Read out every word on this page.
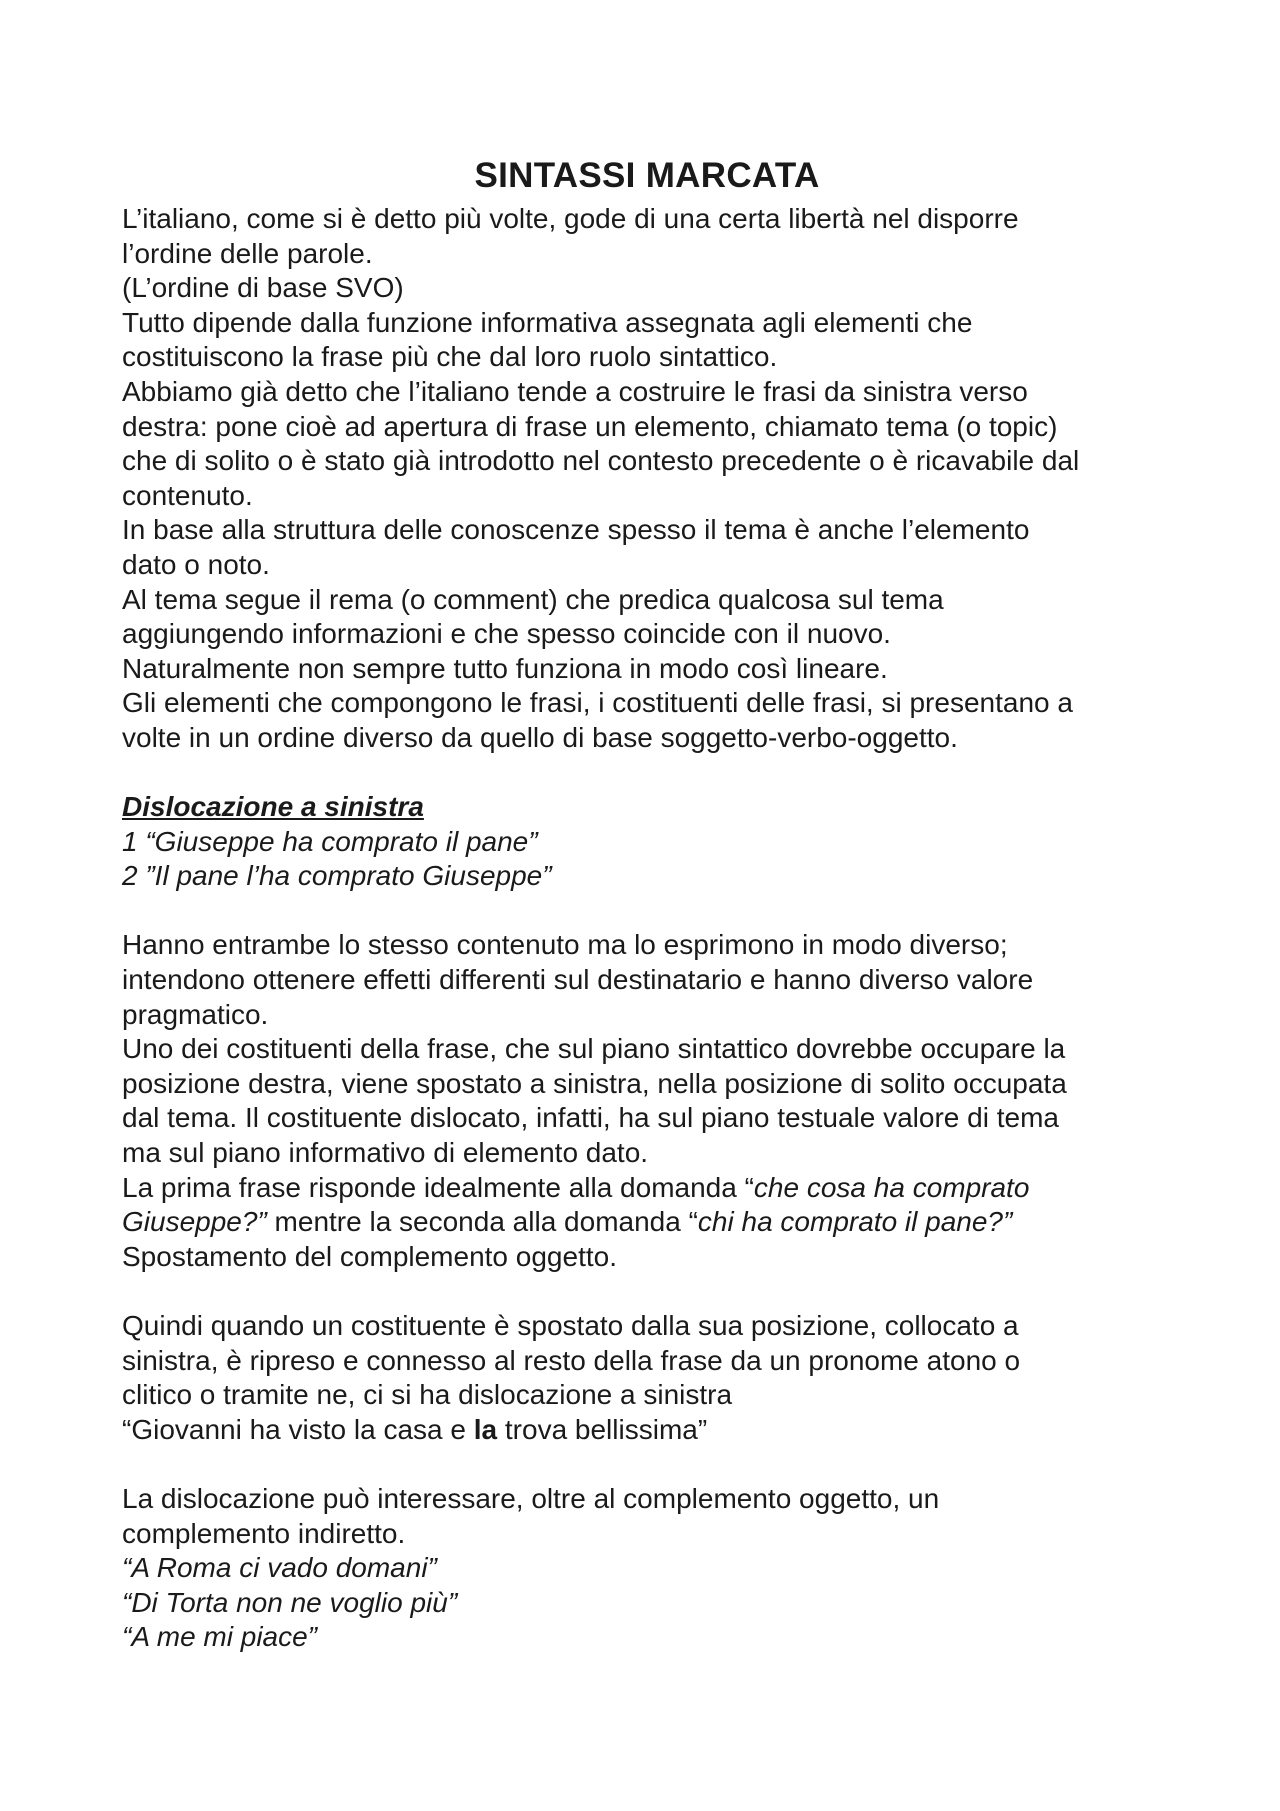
SINTASSI MARCATA

L’italiano, come si è detto più volte, gode di una certa libertà nel disporre

l’ordine delle parole.

(L’ordine di base SVO)

Tutto dipende dalla funzione informativa assegnata agli elementi che

costituiscono la frase più che dal loro ruolo sintattico.

Abbiamo già detto che l’italiano tende a costruire le frasi da sinistra verso

destra: pone cioè ad apertura di frase un elemento, chiamato tema (o topic)

che di solito o è stato già introdotto nel contesto precedente o è ricavabile dal

contenuto.

In base alla struttura delle conoscenze spesso il tema è anche l’elemento

dato o noto.

Al tema segue il rema (o comment) che predica qualcosa sul tema

aggiungendo informazioni e che spesso coincide con il nuovo.

Naturalmente non sempre tutto funziona in modo così lineare.

Gli elementi che compongono le frasi, i costituenti delle frasi, si presentano a

volte in un ordine diverso da quello di base soggetto-verbo-oggetto.

Dislocazione a sinistra

1 “Giuseppe ha comprato il pane”

2 ”Il pane l’ha comprato Giuseppe”

Hanno entrambe lo stesso contenuto ma lo esprimono in modo diverso;

intendono ottenere effetti differenti sul destinatario e hanno diverso valore

pragmatico.

Uno dei costituenti della frase, che sul piano sintattico dovrebbe occupare la

posizione destra, viene spostato a sinistra, nella posizione di solito occupata

dal tema. Il costituente dislocato, infatti, ha sul piano testuale valore di tema

ma sul piano informativo di elemento dato.

La prima frase risponde idealmente alla domanda “che cosa ha comprato

Giuseppe?” mentre la seconda alla domanda “chi ha comprato il pane?”

Spostamento del complemento oggetto.

Quindi quando un costituente è spostato dalla sua posizione, collocato a

sinistra, è ripreso e connesso al resto della frase da un pronome atono o

clitico o tramite ne, ci si ha dislocazione a sinistra

“Giovanni ha visto la casa e la trova bellissima”

La dislocazione può interessare, oltre al complemento oggetto, un

complemento indiretto.

“A Roma ci vado domani”

“Di Torta non ne voglio più”

“A me mi piace”
